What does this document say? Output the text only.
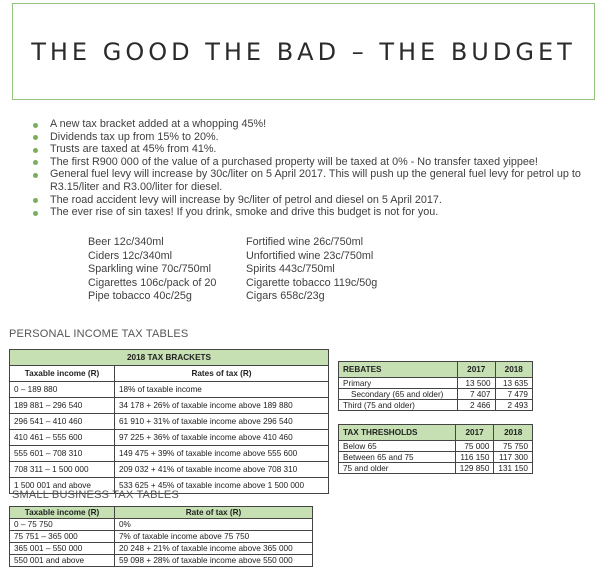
THE GOOD THE BAD – THE BUDGET
A new tax bracket added at a whopping 45%!
Dividends tax up from 15% to 20%.
Trusts are taxed at 45% from 41%.
The first R900 000 of the value of a purchased property will be taxed at 0% - No transfer taxed yippee!
General fuel levy will increase by 30c/liter on 5 April 2017. This will push up the general fuel levy for petrol up to R3.15/liter and R3.00/liter for diesel.
The road accident levy will increase by 9c/liter of petrol and diesel on 5 April 2017.
The ever rise of sin taxes! If you drink, smoke and drive this budget is not for you.
Beer 12c/340ml	Fortified wine 26c/750ml
Ciders 12c/340ml	Unfortified wine 23c/750ml
Sparkling wine 70c/750ml	Spirits 443c/750ml
Cigarettes 106c/pack of 20	Cigarette tobacco 119c/50g
Pipe tobacco 40c/25g	Cigars 658c/23g
PERSONAL INCOME TAX TABLES
2018 TAX BRACKETS	
Taxable income (R)	Rates of tax (R)
0 – 189 880	18% of taxable income
189 881 – 296 540	34 178 + 26% of taxable income above 189 880
296 541 – 410 460	61 910 + 31% of taxable income above 296 540
410 461 – 555 600	97 225 + 36% of taxable income above 410 460
555 601 – 708 310	149 475 + 39% of taxable income above 555 600
708 311 – 1 500 000	209 032 + 41% of taxable income above 708 310
1 500 001 and above	533 625 + 45% of taxable income above 1 500 000
REBATES	2017	2018
Primary	13 500	13 635
Secondary (65 and older)	7 407	7 479
Third (75 and older)	2 466	2 493
TAX THRESHOLDS	2017	2018
Below 65	75 000	75 750
Between 65 and 75	116 150	117 300
75 and older	129 850	131 150
SMALL BUSINESS TAX TABLES
Taxable income (R)	Rate of tax (R)
0 – 75 750	0%
75 751 – 365 000	7% of taxable income above 75 750
365 001 – 550 000	20 248 + 21% of taxable income above 365 000
550 001 and above	59 098 + 28% of taxable income above 550 000
